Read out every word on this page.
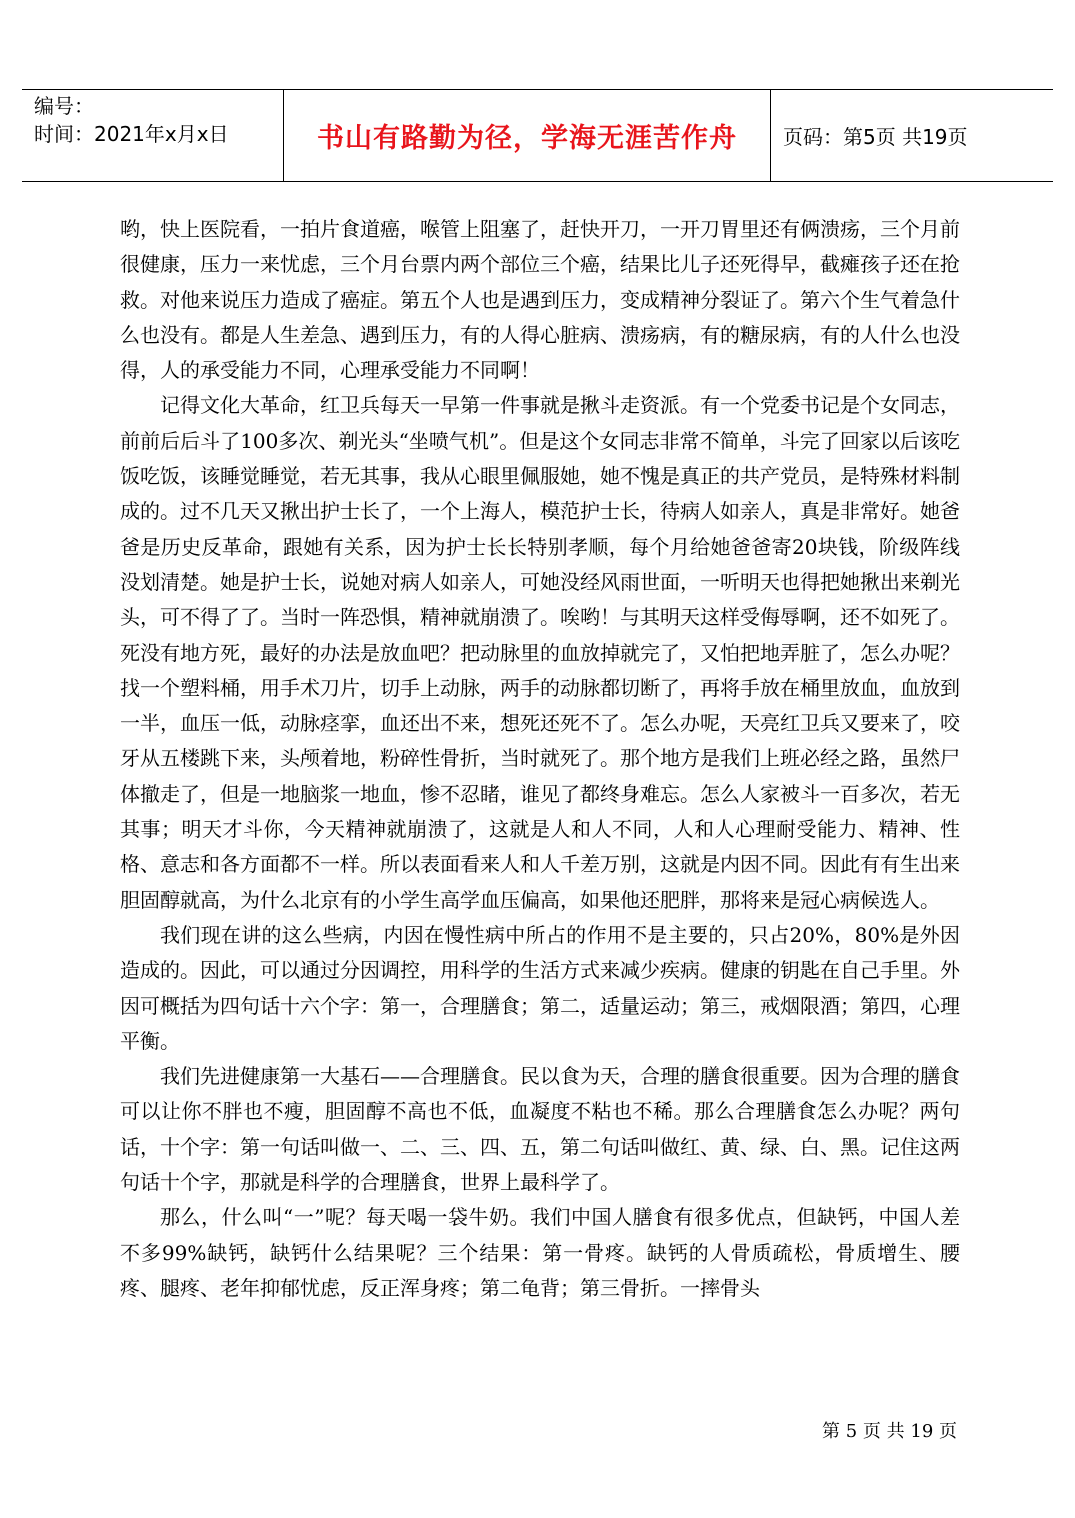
编号：
时间：2021年x月x日	书山有路勤为径，学海无涯苦作舟 页码：第5页 共19页

哟，快上医院看，一拍片食道癌，喉管上阻塞了，赶快开刀，一开刀胃里还有俩溃疡，三个月前很健康，压力一来忧虑，三个月台票内两个部位三个癌，结果比儿子还死得早，截瘫孩子还在抢救。对他来说压力造成了癌症。第五个人也是遇到压力，变成精神分裂证了。第六个生气着急什么也没有。都是人生差急、遇到压力，有的人得心脏病、溃疡病，有的糖尿病，有的人什么也没得，人的承受能力不同，心理承受能力不同啊！

记得文化大革命，红卫兵每天一早第一件事就是揪斗走资派。有一个党委书记是个女同志，前前后后斗了100多次、剃光头“坐喷气机”。但是这个女同志非常不简单，斗完了回家以后该吃饭吃饭，该睡觉睡觉，若无其事，我从心眼里佩服她，她不愧是真正的共产党员，是特殊材料制成的。过不几天又揪出护士长了，一个上海人，模范护士长，待病人如亲人，真是非常好。她爸爸是历史反革命，跟她有关系，因为护士长长特别孝顺，每个月给她爸爸寄20块钱，阶级阵线没划清楚。她是护士长，说她对病人如亲人，可她没经风雨世面，一听明天也得把她揪出来剃光头，可不得了了。当时一阵恐惧，精神就崩溃了。唉哟！与其明天这样受侮辱啊，还不如死了。死没有地方死，最好的办法是放血吧？把动脉里的血放掉就完了，又怕把地弄脏了，怎么办呢？找一个塑料桶，用手术刀片，切手上动脉，两手的动脉都切断了，再将手放在桶里放血，血放到一半，血压一低，动脉痉挛，血还出不来，想死还死不了。怎么办呢，天亮红卫兵又要来了，咬牙从五楼跳下来，头颅着地，粉碎性骨折，当时就死了。那个地方是我们上班必经之路，虽然尸体撤走了，但是一地脑浆一地血，惨不忍睹，谁见了都终身难忘。怎么人家被斗一百多次，若无其事；明天才斗你，今天精神就崩溃了，这就是人和人不同，人和人心理耐受能力、精神、性格、意志和各方面都不一样。所以表面看来人和人千差万别，这就是内因不同。因此有有生出来胆固醇就高，为什么北京有的小学生高学血压偏高，如果他还肥胖，那将来是冠心病候选人。

我们现在讲的这么些病，内因在慢性病中所占的作用不是主要的，只占20%，80%是外因造成的。因此，可以通过分因调控，用科学的生活方式来减少疾病。健康的钥匙在自己手里。外因可概括为四句话十六个字：第一，合理膳食；第二，适量运动；第三，戒烟限酒；第四，心理平衡。

我们先进健康第一大基石——合理膳食。民以食为天，合理的膳食很重要。因为合理的膳食可以让你不胖也不瘦，胆固醇不高也不低，血凝度不粘也不稀。那么合理膳食怎么办呢？两句话，十个字：第一句话叫做一、二、三、四、五，第二句话叫做红、黄、绿、白、黑。记住这两句话十个字，那就是科学的合理膳食，世界上最科学了。

那么，什么叫“一”呢？每天喝一袋牛奶。我们中国人膳食有很多优点，但缺钙，中国人差不多99%缺钙，缺钙什么结果呢？三个结果：第一骨疼。缺钙的人骨质疏松，骨质增生、腰疼、腿疼、老年抑郁忧虑，反正浑身疼；第二龟背；第三骨折。一摔骨头

第 5 页 共 19 页
